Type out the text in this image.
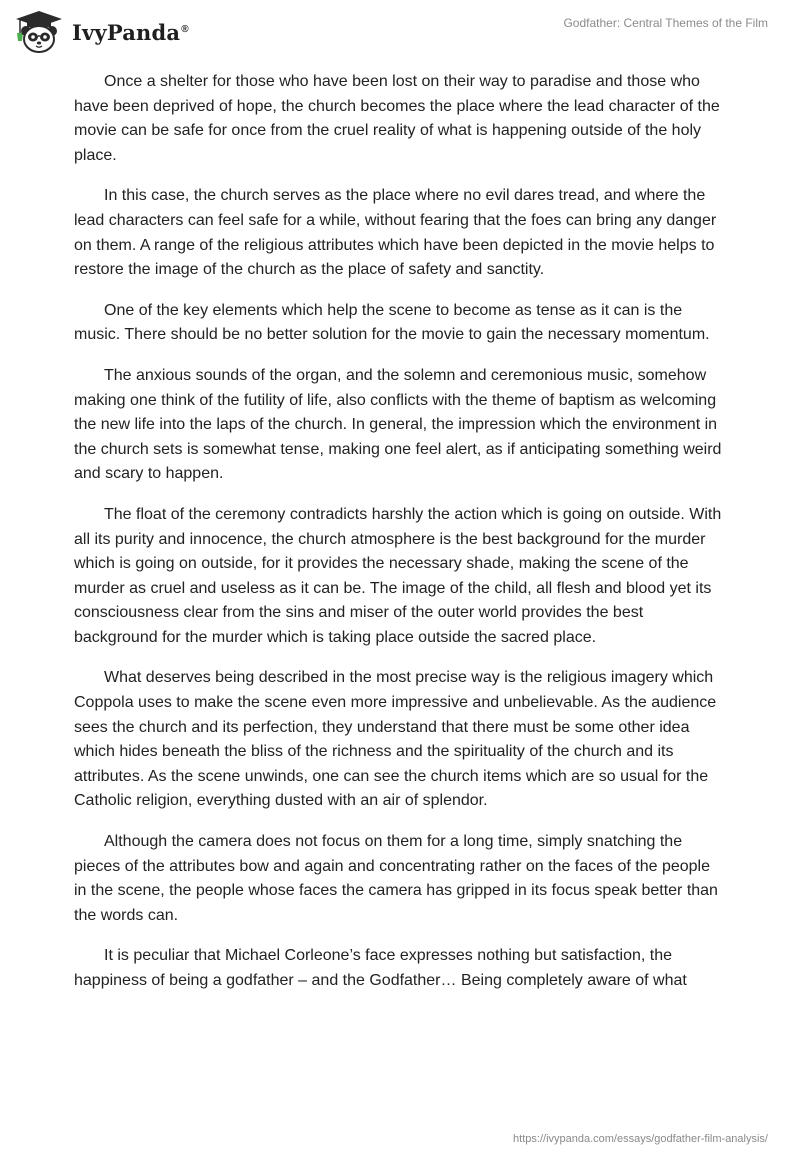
IvyPanda®	Godfather: Central Themes of the Film

Once a shelter for those who have been lost on their way to paradise and those who have been deprived of hope, the church becomes the place where the lead character of the movie can be safe for once from the cruel reality of what is happening outside of the holy place.

In this case, the church serves as the place where no evil dares tread, and where the lead characters can feel safe for a while, without fearing that the foes can bring any danger on them. A range of the religious attributes which have been depicted in the movie helps to restore the image of the church as the place of safety and sanctity.

One of the key elements which help the scene to become as tense as it can is the music. There should be no better solution for the movie to gain the necessary momentum.

The anxious sounds of the organ, and the solemn and ceremonious music, somehow making one think of the futility of life, also conflicts with the theme of baptism as welcoming the new life into the laps of the church. In general, the impression which the environment in the church sets is somewhat tense, making one feel alert, as if anticipating something weird and scary to happen.

The float of the ceremony contradicts harshly the action which is going on outside. With all its purity and innocence, the church atmosphere is the best background for the murder which is going on outside, for it provides the necessary shade, making the scene of the murder as cruel and useless as it can be. The image of the child, all flesh and blood yet its consciousness clear from the sins and miser of the outer world provides the best background for the murder which is taking place outside the sacred place.

What deserves being described in the most precise way is the religious imagery which Coppola uses to make the scene even more impressive and unbelievable. As the audience sees the church and its perfection, they understand that there must be some other idea which hides beneath the bliss of the richness and the spirituality of the church and its attributes. As the scene unwinds, one can see the church items which are so usual for the Catholic religion, everything dusted with an air of splendor.

Although the camera does not focus on them for a long time, simply snatching the pieces of the attributes bow and again and concentrating rather on the faces of the people in the scene, the people whose faces the camera has gripped in its focus speak better than the words can.

It is peculiar that Michael Corleone’s face expresses nothing but satisfaction, the happiness of being a godfather – and the Godfather… Being completely aware of what

https://ivypanda.com/essays/godfather-film-analysis/
